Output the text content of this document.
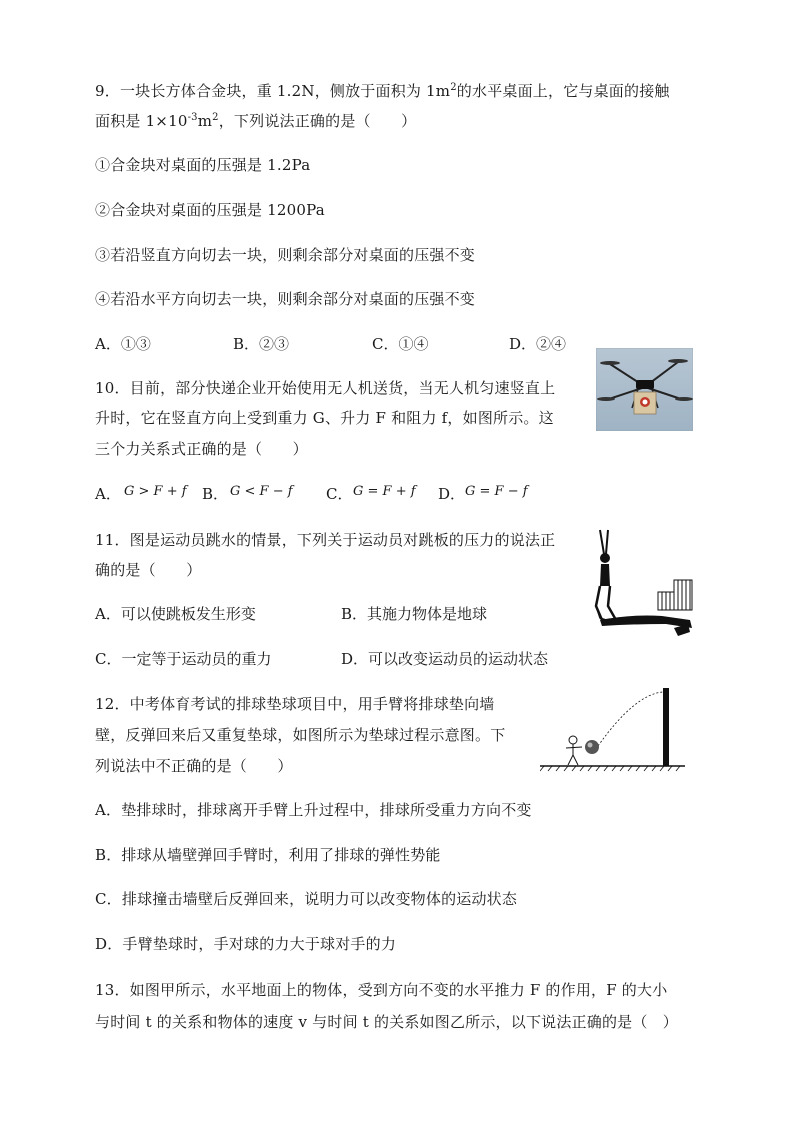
9．一块长方体合金块，重 1.2N，侧放于面积为 $1m^2$的水平桌面上，它与桌面的接触
面积是 $1\times 10^{-3}m^2$，下列说法正确的是（　　）
①合金块对桌面的压强是 1.2Pa
②合金块对桌面的压强是 1200Pa
③若沿竖直方向切去一块，则剩余部分对桌面的压强不变
④若沿水平方向切去一块，则剩余部分对桌面的压强不变
A．①③	B．②③	C．①④	D．②④
10．目前，部分快递企业开始使用无人机送货，当无人机匀速竖直上
升时，它在竖直方向上受到重力 G、升力 F 和阻力 f，如图所示。这
三个力关系式正确的是（　　）
A． G > F + f B． G < F − f C． G = F + f D． G = F − f
11．图是运动员跳水的情景，下列关于运动员对跳板的压力的说法正
确的是（　　）
A．可以使跳板发生形变	B．其施力物体是地球
C．一定等于运动员的重力	D．可以改变运动员的运动状态
12．中考体育考试的排球垫球项目中，用手臂将排球垫向墙
壁，反弹回来后又重复垫球，如图所示为垫球过程示意图。下
列说法中不正确的是（　　）
A．垫排球时，排球离开手臂上升过程中，排球所受重力方向不变
B．排球从墙壁弹回手臂时，利用了排球的弹性势能
C．排球撞击墙壁后反弹回来，说明力可以改变物体的运动状态
D．手臂垫球时，手对球的力大于球对手的力
13．如图甲所示，水平地面上的物体，受到方向不变的水平推力 F 的作用，F 的大小
与时间 t 的关系和物体的速度 v 与时间 t 的关系如图乙所示，以下说法正确的是（　）
